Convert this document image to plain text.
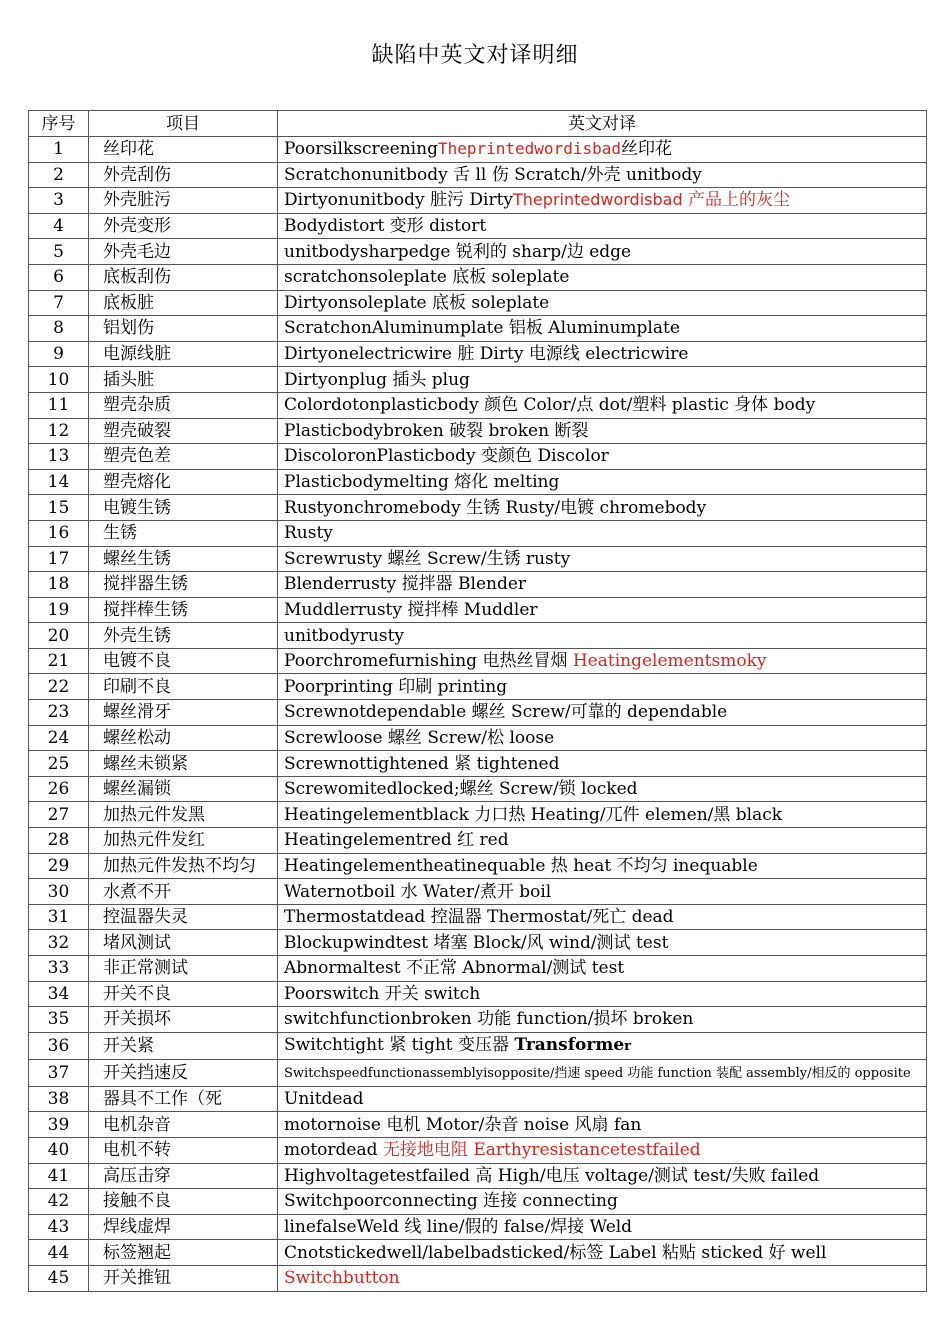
缺陷中英文对译明细
序号	项目	英文对译
1	丝印花	PoorsilkscreeningTheprintedwordisbad丝印花
2	外壳刮伤	Scratchonunitbody 舌 ll 伤 Scratch/外壳 unitbody
3	外壳脏污	Dirtyonunitbody 脏污 DirtyTheprintedwordisbad 产品上的灰尘
4	外壳变形	Bodydistort 变形 distort
5	外壳毛边	unitbodysharpedge 锐利的 sharp/边 edge
6	底板刮伤	scratchonsoleplate 底板 soleplate
7	底板脏	Dirtyonsoleplate 底板 soleplate
8	铝划伤	ScratchonAluminumplate 铝板 Aluminumplate
9	电源线脏	Dirtyonelectricwire 脏 Dirty 电源线 electricwire
10	插头脏	Dirtyonplug 插头 plug
11	塑壳杂质	Colordotonplasticbody 颜色 Color/点 dot/塑料 plastic 身体 body
12	塑壳破裂	Plasticbodybroken 破裂 broken 断裂
13	塑壳色差	DiscoloronPlasticbody 变颜色 Discolor
14	塑壳熔化	Plasticbodymelting 熔化 melting
15	电镀生锈	Rustyonchromebody 生锈 Rusty/电镀 chromebody
16	生锈	Rusty
17	螺丝生锈	Screwrusty 螺丝 Screw/生锈 rusty
18	搅拌器生锈	Blenderrusty 搅拌器 Blender
19	搅拌棒生锈	Muddlerrusty 搅拌棒 Muddler
20	外壳生锈	unitbodyrusty
21	电镀不良	Poorchromefurnishing 电热丝冒烟 Heatingelementsmoky
22	印刷不良	Poorprinting 印刷 printing
23	螺丝滑牙	Screwnotdependable 螺丝 Screw/可靠的 dependable
24	螺丝松动	Screwloose 螺丝 Screw/松 loose
25	螺丝未锁紧	Screwnottightened 紧 tightened
26	螺丝漏锁	Screwomitedlocked;螺丝 Screw/锁 locked
27	加热元件发黑	Heatingelementblack 力口热 Heating/兀件 elemen/黑 black
28	加热元件发红	Heatingelementred 红 red
29	加热元件发热不均匀	Heatingelementheatinequable 热 heat 不均匀 inequable
30	水煮不开	Waternotboil 水 Water/煮开 boil
31	控温器失灵	Thermostatdead 控温器 Thermostat/死亡 dead
32	堵风测试	Blockupwindtest 堵塞 Block/风 wind/测试 test
33	非正常测试	Abnormaltest 不正常 Abnormal/测试 test
34	开关不良	Poorswitch 开关 switch
35	开关损坏	switchfunctionbroken 功能 function/损坏 broken
36	开关紧	Switchtight 紧 tight 变压器 Transformer
37	开关挡速反	Switchspeedfunctionassemblyisopposite/挡速 speed 功能 function 装配 assembly/相反的 opposite
38	器具不工作（死	Unitdead
39	电机杂音	motornoise 电机 Motor/杂音 noise 风扇 fan
40	电机不转	motordead 无接地电阻 Earthyresistancetestfailed
41	高压击穿	Highvoltagetestfailed 高 High/电压 voltage/测试 test/失败 failed
42	接触不良	Switchpoorconnecting 连接 connecting
43	焊线虚焊	linefalseWeld 线 line/假的 false/焊接 Weld
44	标签翘起	Cnotstickedwell/labelbadsticked/标签 Label 粘贴 sticked 好 well
45	开关推钮	Switchbutton
